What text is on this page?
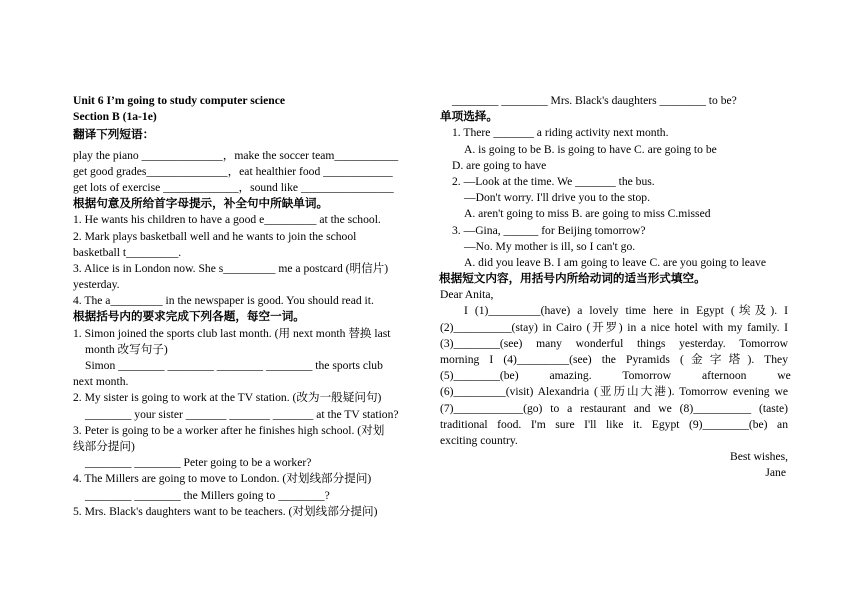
Unit 6 I’m going to study computer science
Section B (1a-1e)
翻译下列短语：
play the piano ______________，make the soccer team___________
get good grades______________，eat healthier food ____________
get lots of exercise _____________，sound like ________________
根据句意及所给首字母提示，补全句中所缺单词。
1. He wants his children to have a good e_________ at the school.
2. Mark plays basketball well and he wants to join the school
basketball t_________.
3. Alice is in London now. She s_________ me a postcard (明信片)
yesterday.
4. The a_________ in the newspaper is good. You should read it.
根据括号内的要求完成下列各题，每空一词。
1. Simon joined the sports club last month. (用 next month 替换 last
month 改写句子)
Simon ________ ________ ________ ________ the sports club
next month.
2. My sister is going to work at the TV station. (改为一般疑问句)
________ your sister _______ _______ _______ at the TV station?
3. Peter is going to be a worker after he finishes high school. (对划
线部分提问)
________ ________ Peter going to be a worker?
4. The Millers are going to move to London. (对划线部分提问)
________ ________ the Millers going to ________?
5. Mrs. Black's daughters want to be teachers. (对划线部分提问)
________ ________ Mrs. Black's daughters ________ to be?
单项选择。
1. There _______ a riding activity next month.
A. is going to be B. is going to have C. are going to be
D. are going to have
2. —Look at the time. We _______ the bus.
—Don't worry. I'll drive you to the stop.
A. aren't going to miss B. are going to miss C.missed
3. —Gina, ______ for Beijing tomorrow?
—No. My mother is ill, so I can't go.
A. did you leave B. I am going to leave C. are you going to leave
根据短文内容，用括号内所给动词的适当形式填空。
Dear Anita,
I (1)_________(have) a lovely time here in Egypt (埃及). I
(2)__________(stay) in Cairo (开罗) in a nice hotel with my family. I
(3)________(see) many wonderful things yesterday. Tomorrow
morning I (4)_________(see) the Pyramids (金字塔). They
(5)________(be) amazing. Tomorrow afternoon we
(6)_________(visit) Alexandria (亚历山大港). Tomorrow evening we
(7)____________(go) to a restaurant and we (8)__________ (taste)
traditional food. I'm sure I'll like it. Egypt (9)________(be) an
exciting country.
Best wishes,
Jane
